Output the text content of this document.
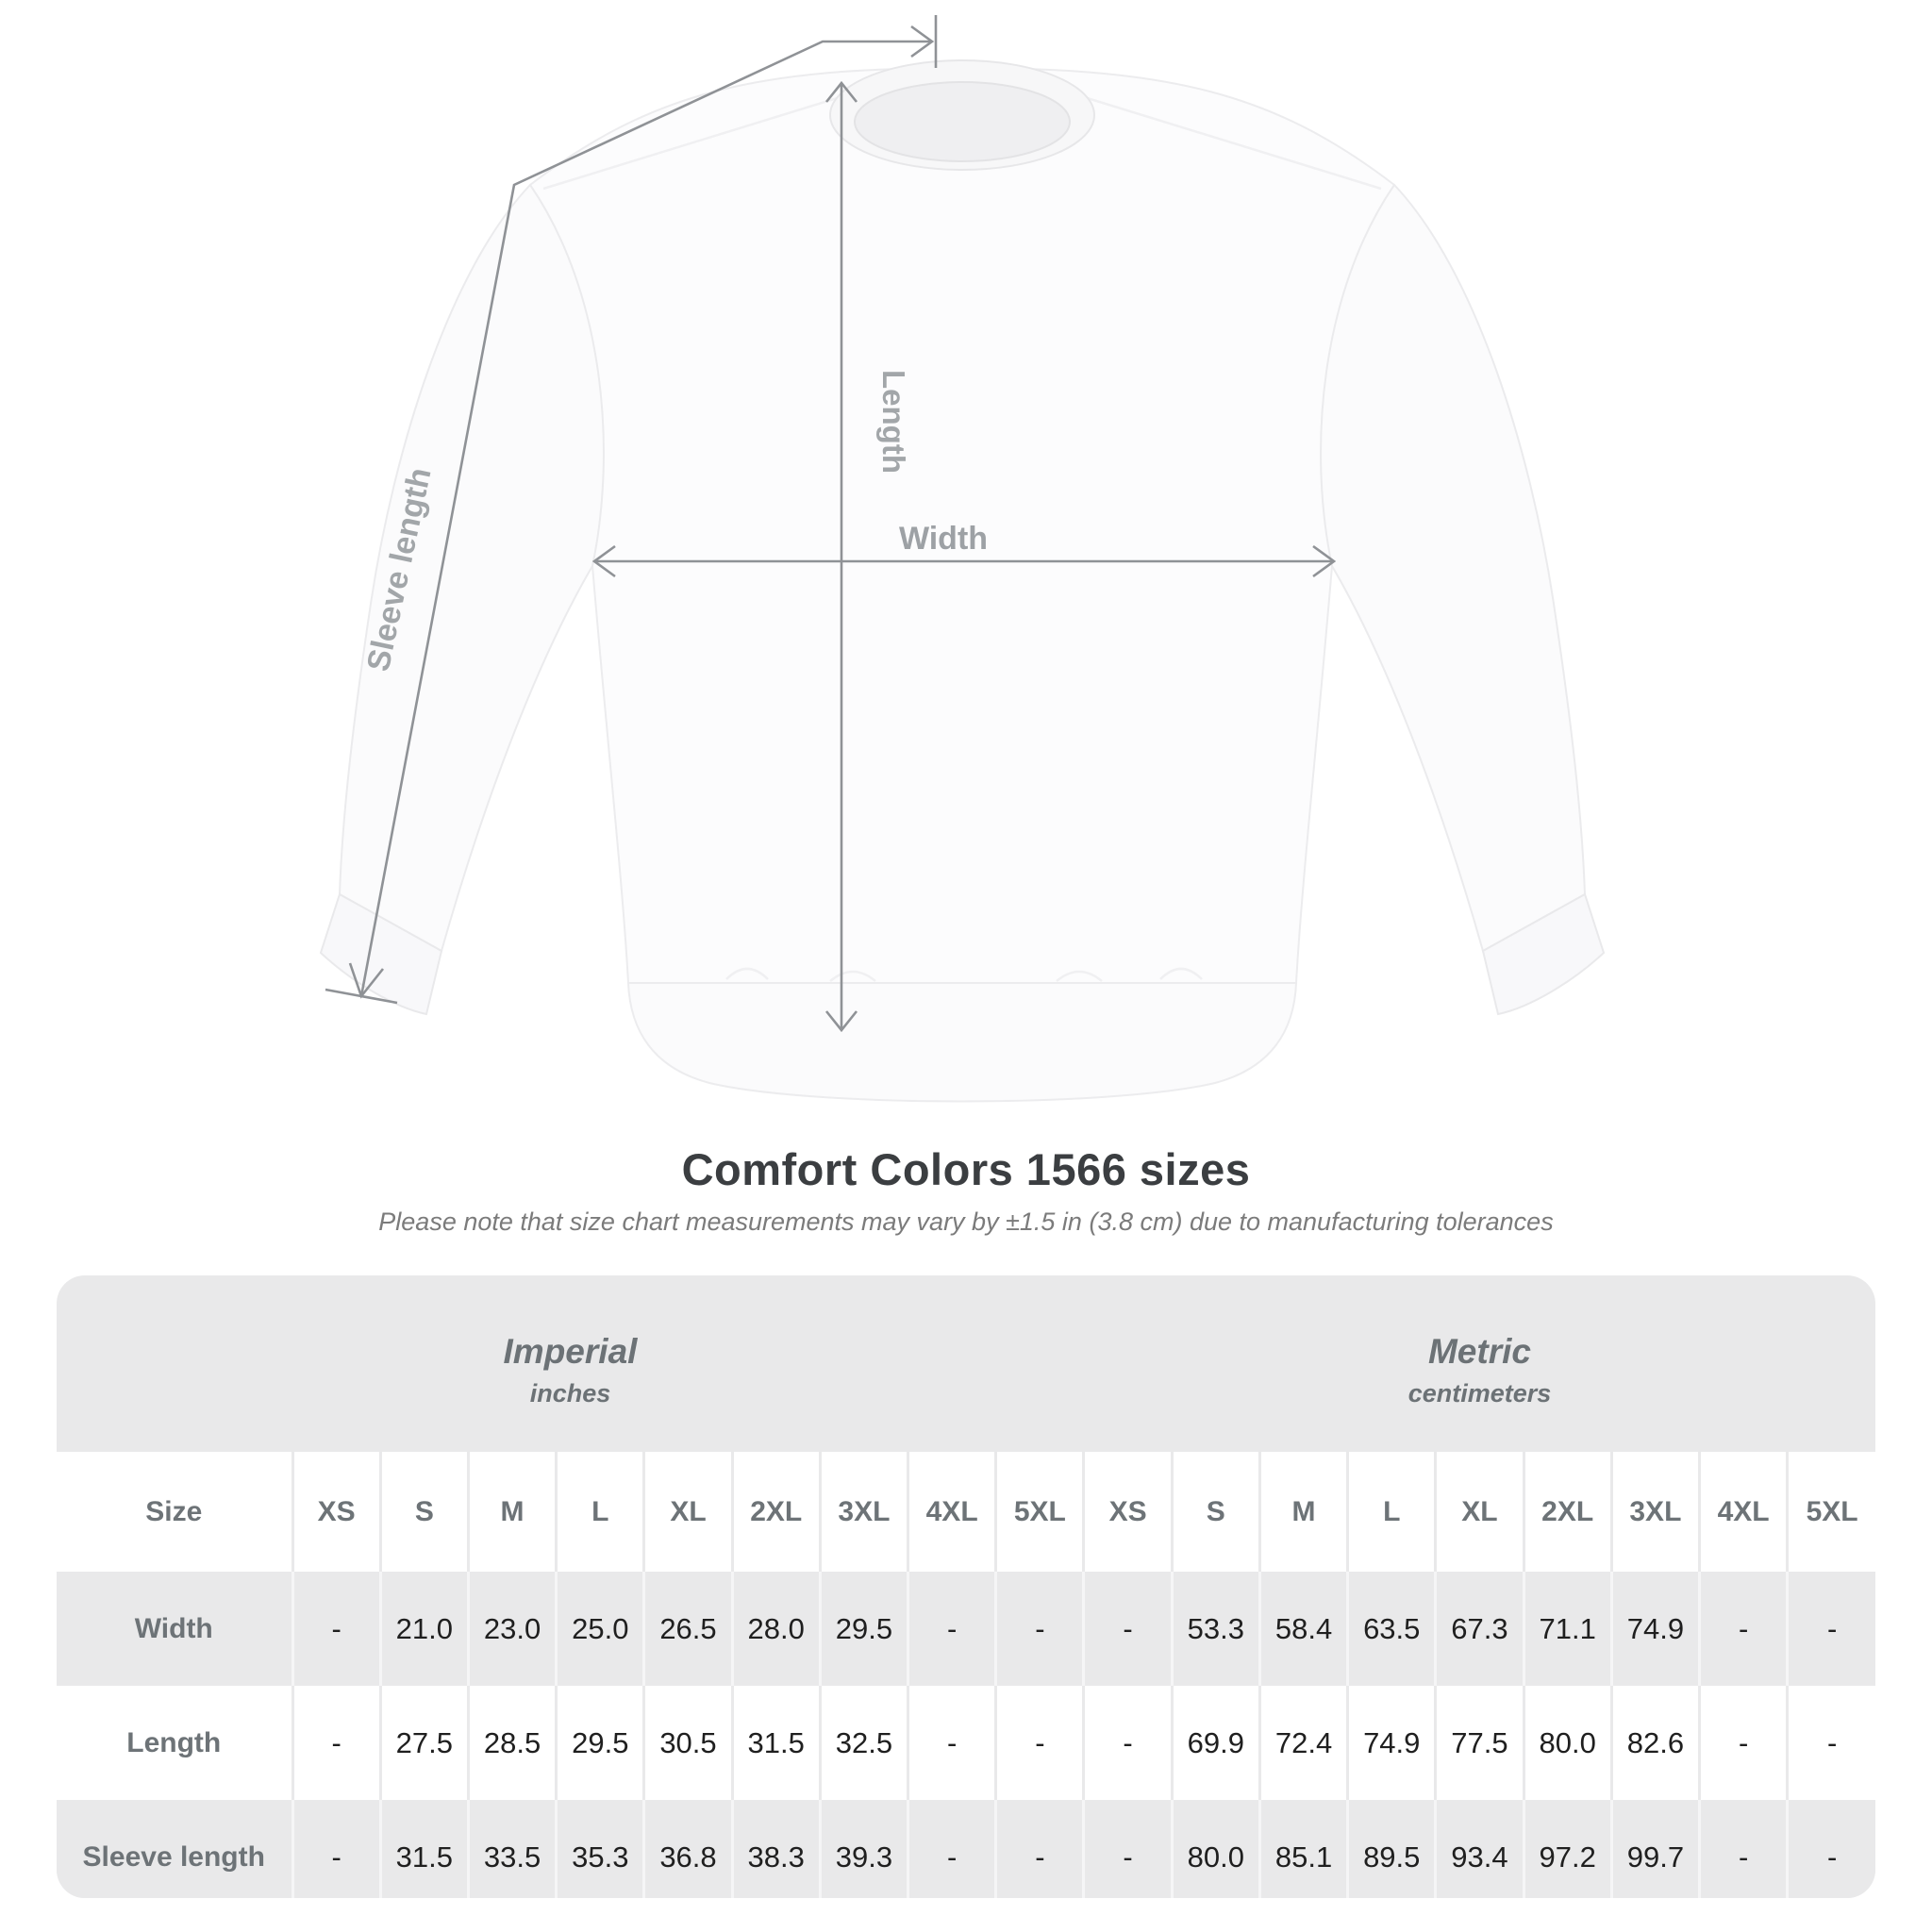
Length
Width
Sleeve length
Comfort Colors 1566 sizes
Please note that size chart measurements may vary by ±1.5 in (3.8 cm) due to manufacturing tolerances
Imperial
inches

Metric
centimeters

Size	XS	S	M	L	XL	2XL	3XL	4XL	5XL	XS	S	M	L	XL	2XL	3XL	4XL	5XL
Width	-	21.0	23.0	25.0	26.5	28.0	29.5	-	-	-	53.3	58.4	63.5	67.3	71.1	74.9	-	-
Length	-	27.5	28.5	29.5	30.5	31.5	32.5	-	-	-	69.9	72.4	74.9	77.5	80.0	82.6	-	-
Sleeve length	-	31.5	33.5	35.3	36.8	38.3	39.3	-	-	-	80.0	85.1	89.5	93.4	97.2	99.7	-	-
